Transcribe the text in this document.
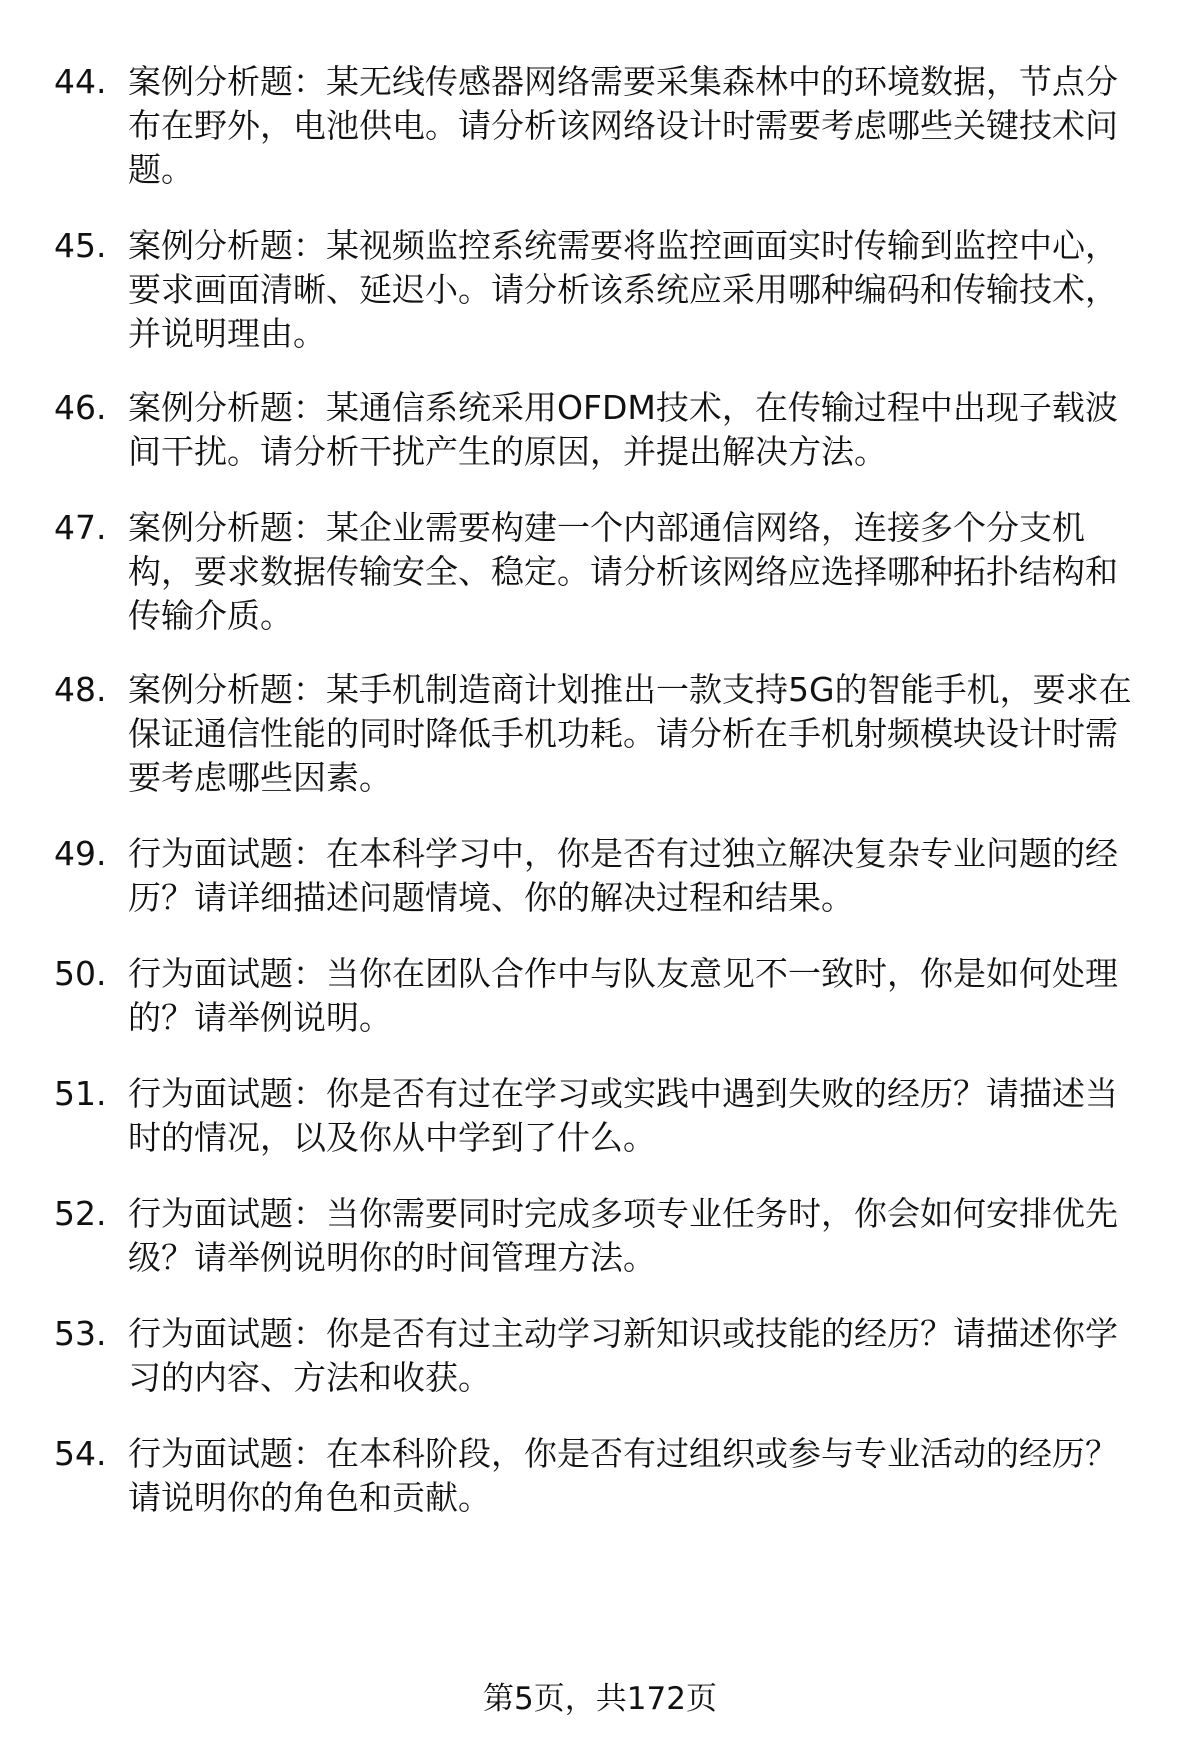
44. 案例分析题：某无线传感器网络需要采集森林中的环境数据，节点分布在野外，电池供电。请分析该网络设计时需要考虑哪些关键技术问题。
45. 案例分析题：某视频监控系统需要将监控画面实时传输到监控中心，要求画面清晰、延迟小。请分析该系统应采用哪种编码和传输技术，并说明理由。
46. 案例分析题：某通信系统采用OFDM技术，在传输过程中出现子载波间干扰。请分析干扰产生的原因，并提出解决方法。
47. 案例分析题：某企业需要构建一个内部通信网络，连接多个分支机构，要求数据传输安全、稳定。请分析该网络应选择哪种拓扑结构和传输介质。
48. 案例分析题：某手机制造商计划推出一款支持5G的智能手机，要求在保证通信性能的同时降低手机功耗。请分析在手机射频模块设计时需要考虑哪些因素。
49. 行为面试题：在本科学习中，你是否有过独立解决复杂专业问题的经历？请详细描述问题情境、你的解决过程和结果。
50. 行为面试题：当你在团队合作中与队友意见不一致时，你是如何处理的？请举例说明。
51. 行为面试题：你是否有过在学习或实践中遇到失败的经历？请描述当时的情况，以及你从中学到了什么。
52. 行为面试题：当你需要同时完成多项专业任务时，你会如何安排优先级？请举例说明你的时间管理方法。
53. 行为面试题：你是否有过主动学习新知识或技能的经历？请描述你学习的内容、方法和收获。
54. 行为面试题：在本科阶段，你是否有过组织或参与专业活动的经历？请说明你的角色和贡献。
第5页，共172页
